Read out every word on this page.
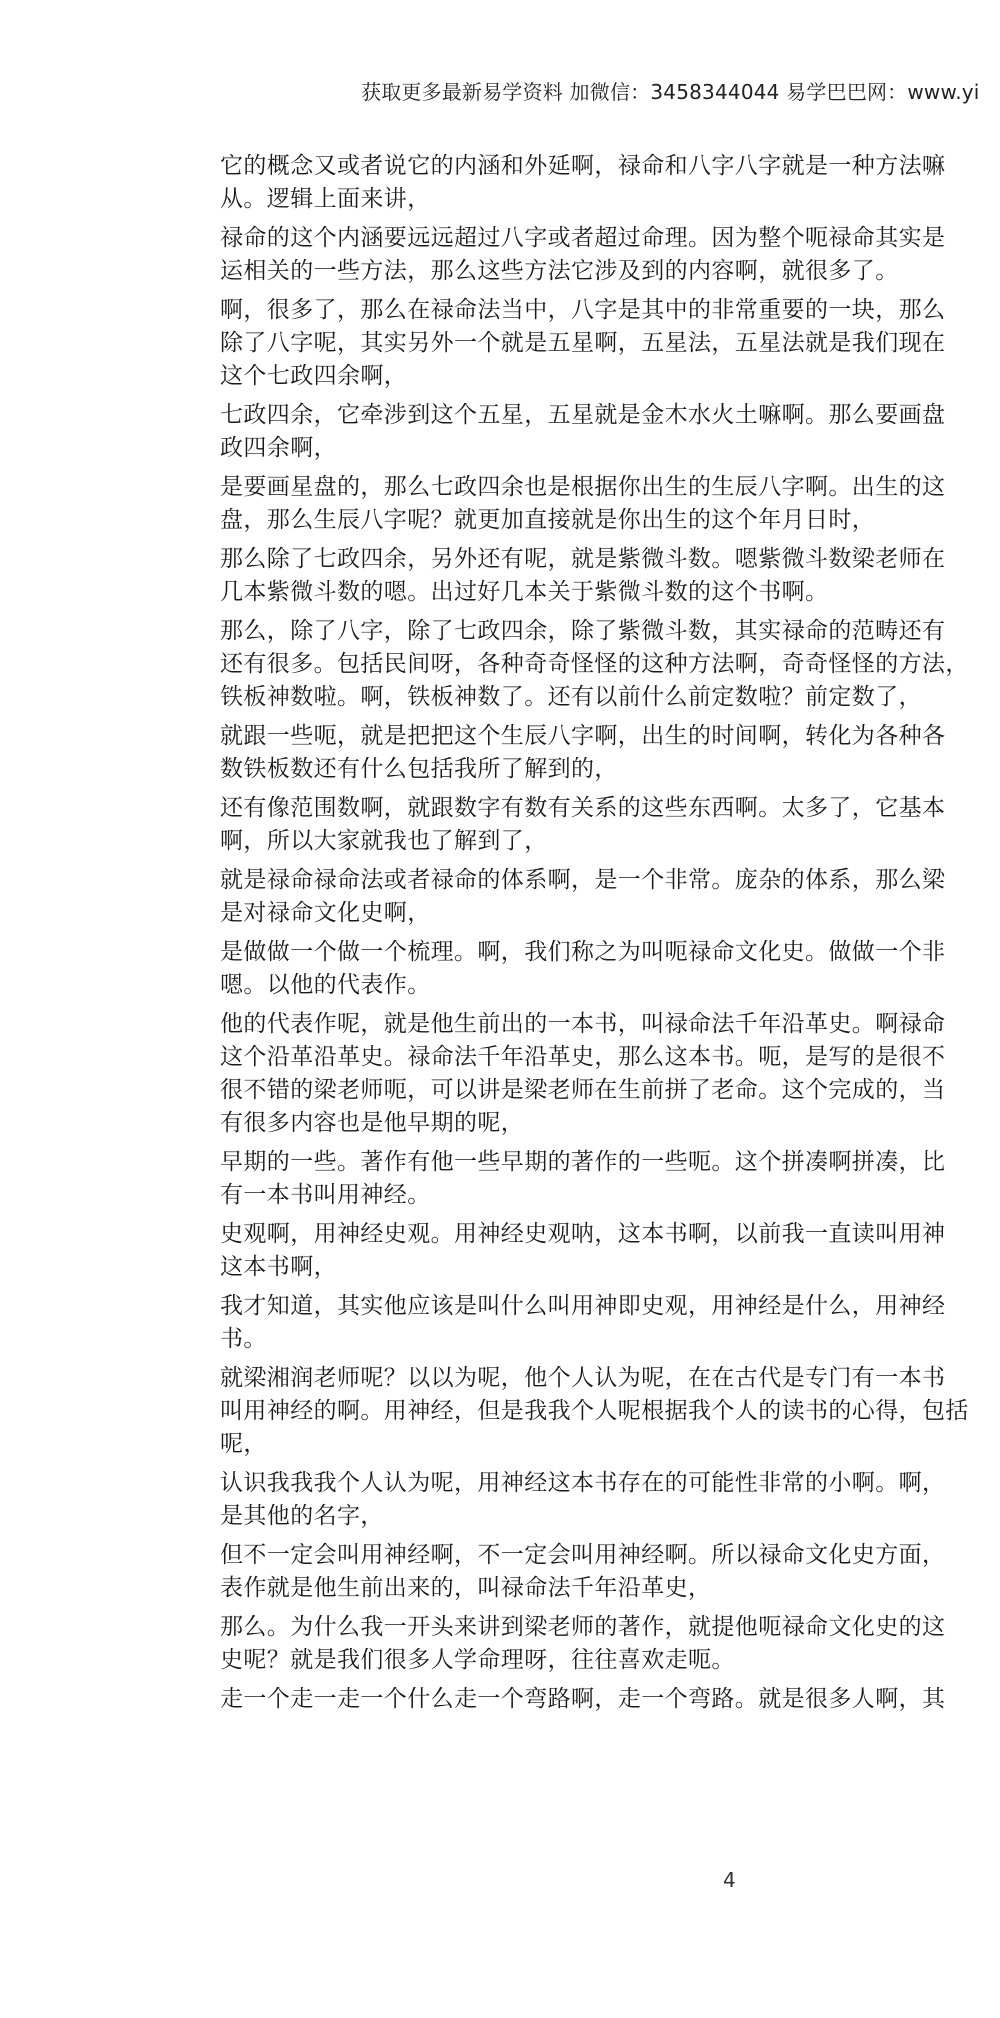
获取更多最新易学资料 加微信：3458344044 易学巴巴网：www.yi
它的概念又或者说它的内涵和外延啊，禄命和八字八字就是一种方法嘛
从。逻辑上面来讲，
禄命的这个内涵要远远超过八字或者超过命理。因为整个呃禄命其实是
运相关的一些方法，那么这些方法它涉及到的内容啊，就很多了。
啊，很多了，那么在禄命法当中，八字是其中的非常重要的一块，那么
除了八字呢，其实另外一个就是五星啊，五星法，五星法就是我们现在
这个七政四余啊，
七政四余，它牵涉到这个五星，五星就是金木水火土嘛啊。那么要画盘
政四余啊，
是要画星盘的，那么七政四余也是根据你出生的生辰八字啊。出生的这
盘，那么生辰八字呢？就更加直接就是你出生的这个年月日时，
那么除了七政四余，另外还有呢，就是紫微斗数。嗯紫微斗数梁老师在
几本紫微斗数的嗯。出过好几本关于紫微斗数的这个书啊。
那么，除了八字，除了七政四余，除了紫微斗数，其实禄命的范畴还有
还有很多。包括民间呀，各种奇奇怪怪的这种方法啊，奇奇怪怪的方法，
铁板神数啦。啊，铁板神数了。还有以前什么前定数啦？前定数了，
就跟一些呃，就是把把这个生辰八字啊，出生的时间啊，转化为各种各
数铁板数还有什么包括我所了解到的，
还有像范围数啊，就跟数字有数有关系的这些东西啊。太多了，它基本
啊，所以大家就我也了解到了，
就是禄命禄命法或者禄命的体系啊，是一个非常。庞杂的体系，那么梁
是对禄命文化史啊，
是做做一个做一个梳理。啊，我们称之为叫呃禄命文化史。做做一个非
嗯。以他的代表作。
他的代表作呢，就是他生前出的一本书，叫禄命法千年沿革史。啊禄命
这个沿革沿革史。禄命法千年沿革史，那么这本书。呃，是写的是很不
很不错的梁老师呃，可以讲是梁老师在生前拼了老命。这个完成的，当
有很多内容也是他早期的呢，
早期的一些。著作有他一些早期的著作的一些呃。这个拼凑啊拼凑，比
有一本书叫用神经。
史观啊，用神经史观。用神经史观呐，这本书啊，以前我一直读叫用神
这本书啊，
我才知道，其实他应该是叫什么叫用神即史观，用神经是什么，用神经
书。
就梁湘润老师呢？以以为呢，他个人认为呢，在在古代是专门有一本书
叫用神经的啊。用神经，但是我我个人呢根据我个人的读书的心得，包括
呢，
认识我我我个人认为呢，用神经这本书存在的可能性非常的小啊。啊，
是其他的名字，
但不一定会叫用神经啊，不一定会叫用神经啊。所以禄命文化史方面，
表作就是他生前出来的，叫禄命法千年沿革史，
那么。为什么我一开头来讲到梁老师的著作，就提他呃禄命文化史的这
史呢？就是我们很多人学命理呀，往往喜欢走呃。
走一个走一走一个什么走一个弯路啊，走一个弯路。就是很多人啊，其
4
